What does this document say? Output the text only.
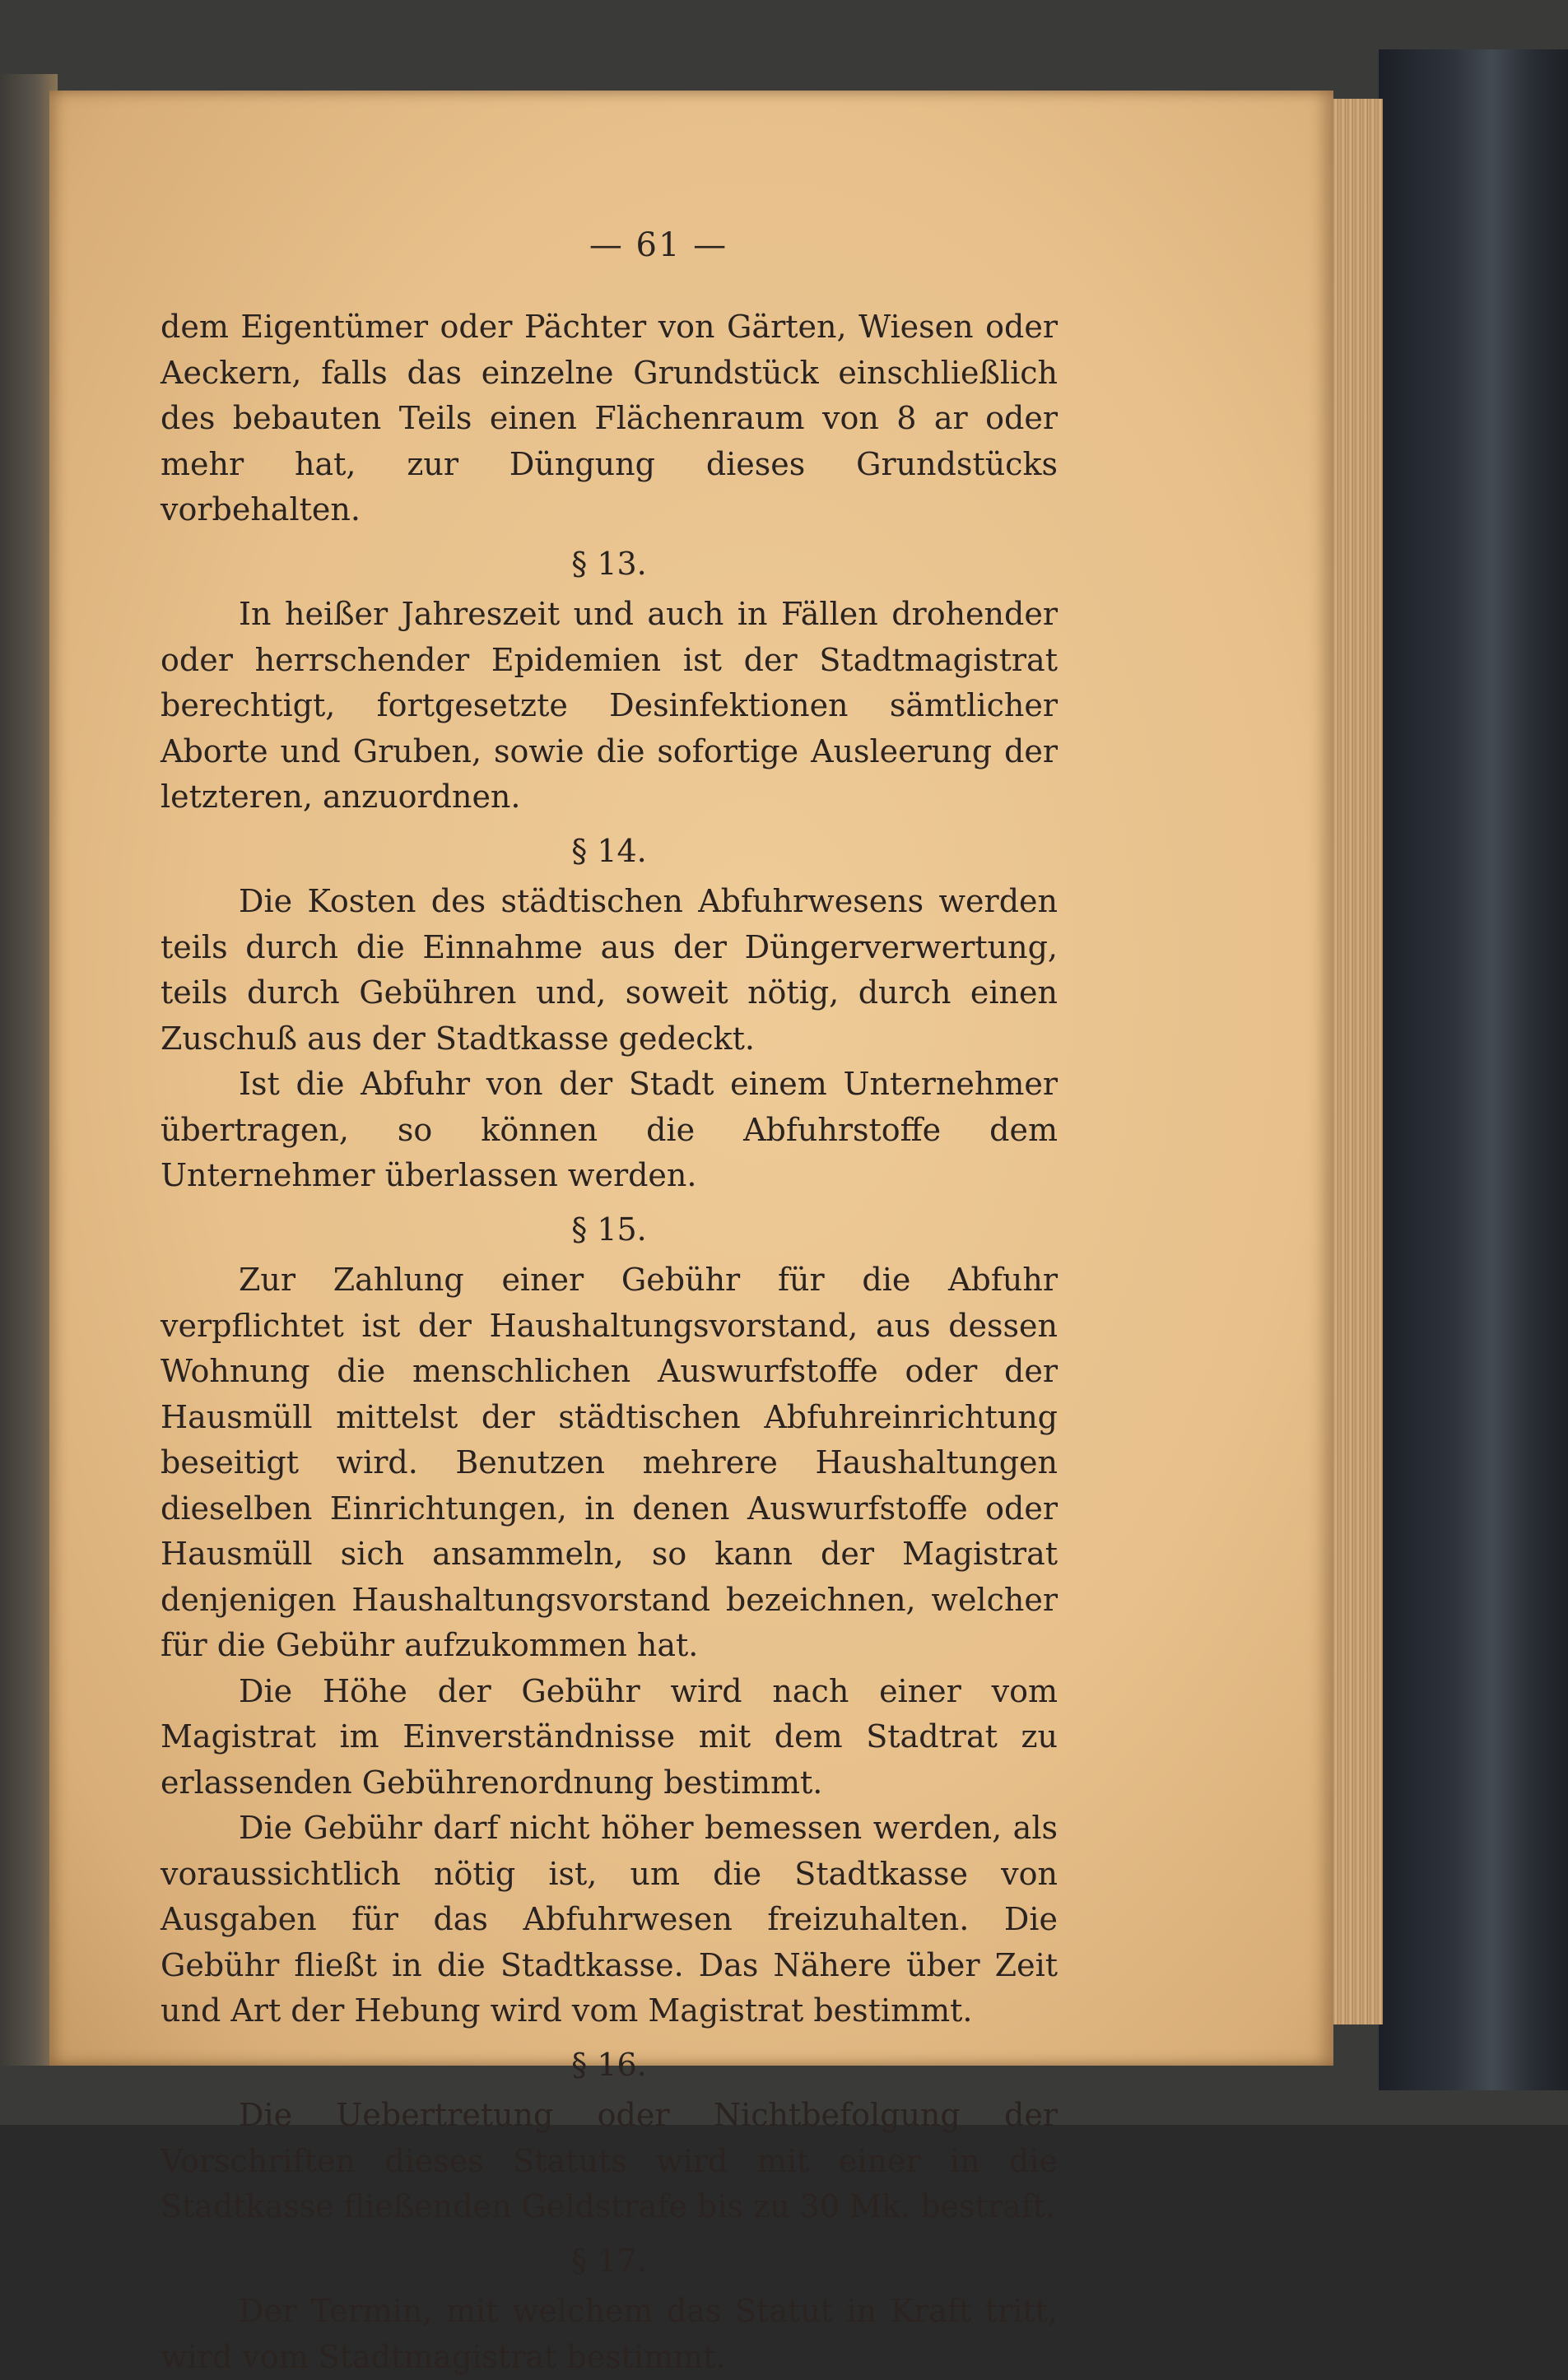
— 61 —

dem Eigentümer oder Pächter von Gärten, Wiesen oder Aeckern, falls das einzelne Grundstück einschließlich des bebauten Teils einen Flächenraum von 8 ar oder mehr hat, zur Düngung dieses Grundstücks vorbehalten.

§ 13.

In heißer Jahreszeit und auch in Fällen drohender oder herrschender Epidemien ist der Stadtmagistrat berechtigt, fortgesetzte Desinfektionen sämtlicher Aborte und Gruben, sowie die sofortige Ausleerung der letzteren, anzuordnen.

§ 14.

Die Kosten des städtischen Abfuhrwesens werden teils durch die Einnahme aus der Düngerverwertung, teils durch Gebühren und, soweit nötig, durch einen Zuschuß aus der Stadtkasse gedeckt.

Ist die Abfuhr von der Stadt einem Unternehmer übertragen, so können die Abfuhrstoffe dem Unternehmer überlassen werden.

§ 15.

Zur Zahlung einer Gebühr für die Abfuhr verpflichtet ist der Haushaltungsvorstand, aus dessen Wohnung die menschlichen Auswurfstoffe oder der Hausmüll mittelst der städtischen Abfuhreinrichtung beseitigt wird. Benutzen mehrere Haushaltungen dieselben Einrichtungen, in denen Auswurfstoffe oder Hausmüll sich ansammeln, so kann der Magistrat denjenigen Haushaltungsvorstand bezeichnen, welcher für die Gebühr aufzukommen hat.

Die Höhe der Gebühr wird nach einer vom Magistrat im Einverständnisse mit dem Stadtrat zu erlassenden Gebührenordnung bestimmt.

Die Gebühr darf nicht höher bemessen werden, als voraussichtlich nötig ist, um die Stadtkasse von Ausgaben für das Abfuhrwesen freizuhalten. Die Gebühr fließt in die Stadtkasse. Das Nähere über Zeit und Art der Hebung wird vom Magistrat bestimmt.

§ 16.

Die Uebertretung oder Nichtbefolgung der Vorschriften dieses Statuts wird mit einer in die Stadtkasse fließenden Geldstrafe bis zu 30 Mk. bestraft.

§ 17.

Der Termin, mit welchem das Statut in Kraft tritt, wird vom Stadtmagistrat bestimmt.
